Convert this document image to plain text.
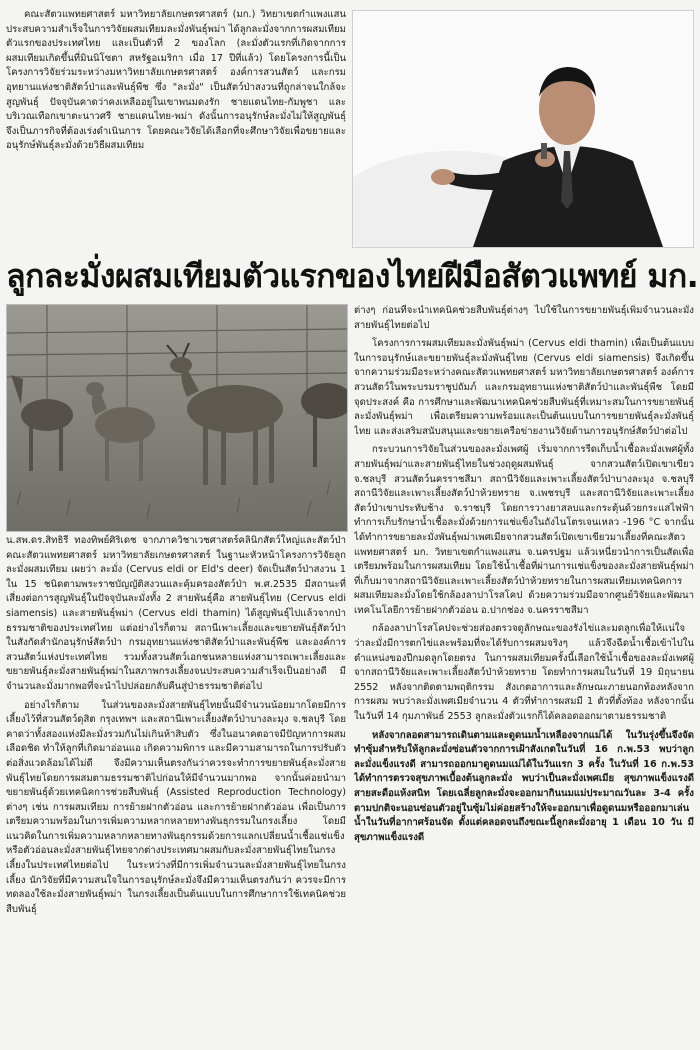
คณะสัตวแพทยศาสตร์ มหาวิทยาลัยเกษตรศาสตร์ (มก.) วิทยาเขตกำแพงแสน ประสบความสำเร็จในการวิจัยผสมเทียมละมั่งพันธุ์พม่า ได้ลูกละมั่งจากการผสมเทียมตัวแรกของประเทศไทย และเป็นตัวที่ 2 ของโลก (ละมั่งตัวแรกที่เกิดจากการผสมเทียมเกิดขึ้นที่มินนิโซตา สหรัฐอเมริกา เมื่อ 17 ปีที่แล้ว) โดยโครงการนี้เป็นโครงการวิจัยร่วมระหว่างมหาวิทยาลัยเกษตรศาสตร์ องค์การสวนสัตว์ และกรมอุทยานแห่งชาติสัตว์ป่าและพันธุ์พืช ซึ่ง "ละมั่ง" เป็นสัตว์ป่าสงวนที่ถูกล่าจนใกล้จะสูญพันธุ์ ปัจจุบันคาดว่าคงเหลืออยู่ในเขาพนมดงรัก ชายแดนไทย-กัมพูชา และบริเวณเทือกเขาตะนาวศรี ชายแดนไทย-พม่า ดังนั้นการอนุรักษ์ละมั่งไม่ให้สูญพันธุ์จึงเป็นภารกิจที่ต้องเร่งดำเนินการ โดยคณะวิจัยได้เลือกที่จะศึกษาวิจัยเพื่อขยายและอนุรักษ์พันธุ์ละมั่งด้วยวิธีผสมเทียม

ลูกละมั่งผสมเทียมตัวแรกของไทยฝีมือสัตวแพทย์ มก.

น.สพ.ดร.สิทธิรี ทองทิพย์ศิริเดช จากภาควิชาเวชศาสตร์คลินิกสัตว์ใหญ่และสัตว์ป่า คณะสัตวแพทยศาสตร์ มหาวิทยาลัยเกษตรศาสตร์ ในฐานะหัวหน้าโครงการวิจัยลูกละมั่งผสมเทียม เผยว่า ละมั่ง (Cervus eldi or Eld's deer) จัดเป็นสัตว์ป่าสงวน 1 ใน 15 ชนิดตามพระราชบัญญัติสงวนและคุ้มครองสัตว์ป่า พ.ศ.2535 มีสถานะที่เสี่ยงต่อการสูญพันธุ์ในปัจจุบันละมั่งทั้ง 2 สายพันธุ์คือ สายพันธุ์ไทย (Cervus eldi siamensis) และสายพันธุ์พม่า (Cervus eldi thamin) ได้สูญพันธุ์ไปแล้วจากป่าธรรมชาติของประเทศไทย แต่อย่างไรก็ตาม สถานีเพาะเลี้ยงและขยายพันธุ์สัตว์ป่าในสังกัดสำนักอนุรักษ์สัตว์ป่า กรมอุทยานแห่งชาติสัตว์ป่าและพันธุ์พืช และองค์การสวนสัตว์แห่งประเทศไทย รวมทั้งสวนสัตว์เอกชนหลายแห่งสามารถเพาะเลี้ยงและขยายพันธุ์ละมั่งสายพันธุ์พม่าในสภาพกรงเลี้ยงจนประสบความสำเร็จเป็นอย่างดี มีจำนวนละมั่งมากพอที่จะนำไปปล่อยกลับคืนสู่ป่าธรรมชาติต่อไป

อย่างไรก็ตาม ในส่วนของละมั่งสายพันธุ์ไทยนั้นมีจำนวนน้อยมากโดยมีการเลี้ยงไว้ที่สวนสัตว์ดุสิต กรุงเทพฯ และสถานีเพาะเลี้ยงสัตว์ป่าบางละมุง จ.ชลบุรี โดยคาดว่าทั้งสองแห่งมีละมั่งรวมกันไม่เกินห้าสิบตัว ซึ่งในอนาคตอาจมีปัญหาการผสมเลือดชิด ทำให้ลูกที่เกิดมาอ่อนแอ เกิดความพิการ และมีความสามารถในการปรับตัวต่อสิ่งแวดล้อมได้ไม่ดี จึงมีความเห็นตรงกันว่าควรจะทำการขยายพันธุ์ละมั่งสายพันธุ์ไทยโดยการผสมตามธรรมชาติไปก่อนให้มีจำนวนมากพอ จากนั้นค่อยนำมาขยายพันธุ์ด้วยเทคนิคการช่วยสืบพันธุ์ (Assisted Reproduction Technology) ต่างๆ เช่น การผสมเทียม การย้ายฝากตัวอ่อน และการย้ายฝากตัวอ่อน เพื่อเป็นการเตรียมความพร้อมในการเพิ่มความหลากหลายทางพันธุกรรมในกรงเลี้ยง โดยมีแนวคิดในการเพิ่มความหลากหลายทางพันธุกรรมด้วยการแลกเปลี่ยนน้ำเชื้อแช่แข็งหรือตัวอ่อนละมั่งสายพันธุ์ไทยจากต่างประเทศมาผสมกับละมั่งสายพันธุ์ไทยในกรงเลี้ยงในประเทศไทยต่อไป ในระหว่างที่มีการเพิ่มจำนวนละมั่งสายพันธุ์ไทยในกรงเลี้ยง นักวิจัยที่มีความสนใจในการอนุรักษ์ละมั่งจึงมีความเห็นตรงกันว่า ควรจะมีการทดลองใช้ละมั่งสายพันธุ์พม่า ในกรงเลี้ยงเป็นต้นแบบในการศึกษาการใช้เทคนิคช่วยสืบพันธุ์

ต่างๆ ก่อนที่จะนำเทคนิคช่วยสืบพันธุ์ต่างๆ ไปใช้ในการขยายพันธุ์เพิ่มจำนวนละมั่งสายพันธุ์ไทยต่อไป

โครงการการผสมเทียมละมั่งพันธุ์พม่า (Cervus eldi thamin) เพื่อเป็นต้นแบบในการอนุรักษ์และขยายพันธุ์ละมั่งพันธุ์ไทย (Cervus eldi siamensis) จึงเกิดขึ้นจากความร่วมมือระหว่างคณะสัตวแพทยศาสตร์ มหาวิทยาลัยเกษตรศาสตร์ องค์การสวนสัตว์ในพระบรมราชูปถัมภ์ และกรมอุทยานแห่งชาติสัตว์ป่าและพันธุ์พืช โดยมีจุดประสงค์ คือ การศึกษาและพัฒนาเทคนิคช่วยสืบพันธุ์ที่เหมาะสมในการขยายพันธุ์ละมั่งพันธุ์พม่า เพื่อเตรียมความพร้อมและเป็นต้นแบบในการขยายพันธุ์ละมั่งพันธุ์ไทย และส่งเสริมสนับสนุนและขยายเครือข่ายงานวิจัยด้านการอนุรักษ์สัตว์ป่าต่อไป

กระบวนการวิจัยในส่วนของละมั่งเพศผู้ เริ่มจากการรีดเก็บน้ำเชื้อละมั่งเพศผู้ทั้งสายพันธุ์พม่าและสายพันธุ์ไทยในช่วงฤดูผสมพันธุ์ จากสวนสัตว์เปิดเขาเขียว จ.ชลบุรี สวนสัตว์นครราชสีมา สถานีวิจัยและเพาะเลี้ยงสัตว์ป่าบางละมุง จ.ชลบุรี สถานีวิจัยและเพาะเลี้ยงสัตว์ป่าห้วยทราย จ.เพชรบุรี และสถานีวิจัยและเพาะเลี้ยงสัตว์ป่าเขาประทับช้าง จ.ราชบุรี โดยการวางยาสลบและกระตุ้นด้วยกระแสไฟฟ้า ทำการเก็บรักษาน้ำเชื้อละมั่งด้วยการแช่แข็งในถังไนโตรเจนเหลว -196 °C จากนั้นได้ทำการขยายละมั่งพันธุ์พม่าเพศเมียจากสวนสัตว์เปิดเขาเขียวมาเลี้ยงที่คณะสัตวแพทยศาสตร์ มก. วิทยาเขตกำแพงแสน จ.นครปฐม แล้วเหนี่ยวนำการเป็นสัดเพื่อเตรียมพร้อมในการผสมเทียม โดยใช้น้ำเชื้อที่ผ่านการแช่แข็งของละมั่งสายพันธุ์พม่าที่เก็บมาจากสถานีวิจัยและเพาะเลี้ยงสัตว์ป่าห้วยทรายในการผสมเทียมเทคนิคการผสมเทียมละมั่งโดยใช้กล้องลาปาโรสโคป ด้วยความร่วมมือจากศูนย์วิจัยและพัฒนาเทคโนโลยีการย้ายฝากตัวอ่อน อ.ปากช่อง จ.นครราชสีมา

กล้องลาปาโรสโคปจะช่วยส่องตรวจดูลักษณะของรังไข่และมดลูกเพื่อให้แน่ใจว่าละมั่งมีการตกไข่และพร้อมที่จะได้รับการผสมจริงๆ แล้วจึงฉีดน้ำเชื้อเข้าไปในตำแหน่งของปีกมดลูกโดยตรง ในการผสมเทียมครั้งนี้เลือกใช้น้ำเชื้อของละมั่งเพศผู้จากสถานีวิจัยและเพาะเลี้ยงสัตว์ป่าห้วยทราย โดยทำการผสมในวันที่ 19 มิถุนายน 2552 หลังจากติดตามพฤติกรรม สังเกตอาการและลักษณะภายนอกท้องหลังจากการผสม พบว่าละมั่งเพศเมียจำนวน 4 ตัวที่ทำการผสมมี 1 ตัวที่ตั้งท้อง หลังจากนั้นในวันที่ 14 กุมภาพันธ์ 2553 ลูกละมั่งตัวแรกก็ได้คลอดออกมาตามธรรมชาติ

หลังจากลอดสามารถเดินตามและดูดนมน้ำเหลืองจากแม่ได้ ในวันรุ่งขึ้นจึงจัดทำซุ้มสำหรับให้ลูกละมั่งซ่อนตัวจากการเฝ้าสังเกตในวันที่ 16 ก.พ.53 พบว่าลูกละมั่งแข็งแรงดี สามารถออกมาดูดนมแม่ได้ในวันแรก 3 ครั้ง ในวันที่ 16 ก.พ.53 ได้ทำการตรวจสุขภาพเบื้องต้นลูกละมั่ง พบว่าเป็นละมั่งเพศเมีย สุขภาพแข็งแรงดี สายสะดือแห้งสนิท โดยเฉลี่ยลูกละมั่งจะออกมากินนมแม่ประมาณวันละ 3-4 ครั้ง ตามปกติจะนอนซ่อนตัวอยู่ในซุ้มไม่ค่อยสร้างให้จะออกมาเพื่อดูดนมหรือออกมาเล่นน้ำในวันที่อากาศร้อนจัด ตั้งแต่คลอดจนถึงขณะนี้ลูกละมั่งอายุ 1 เดือน 10 วัน มีสุขภาพแข็งแรงดี
